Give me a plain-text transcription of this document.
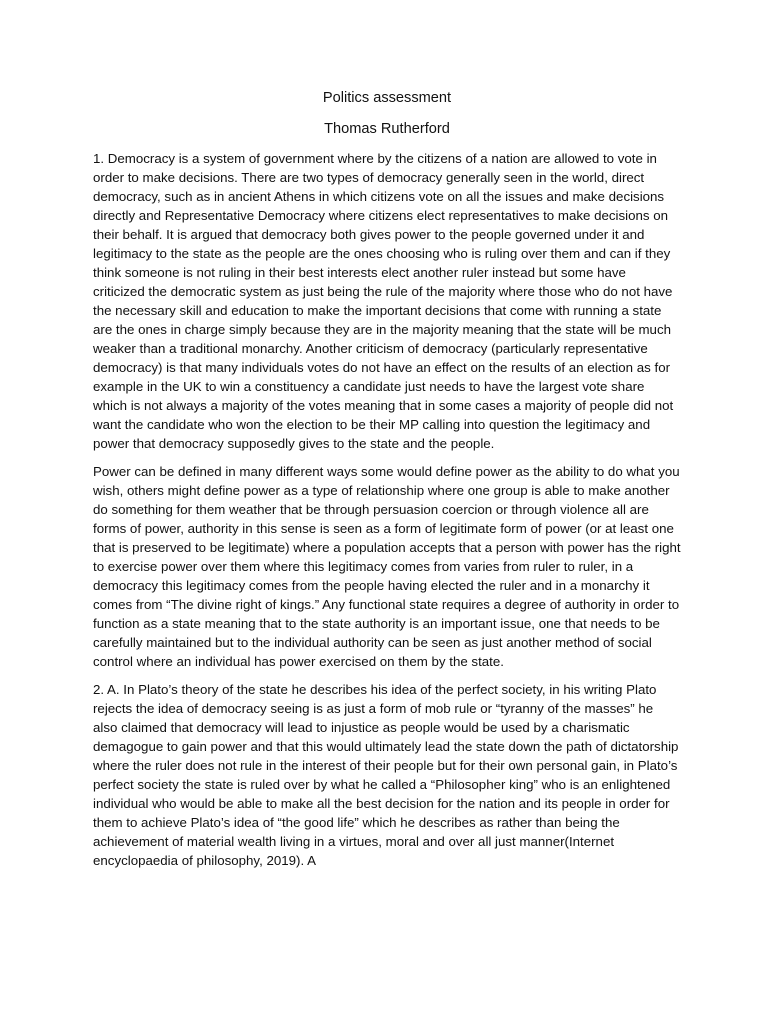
Politics assessment

Thomas Rutherford

1. Democracy is a system of government where by the citizens of a nation are allowed to vote in order to make decisions. There are two types of democracy generally seen in the world, direct democracy, such as in ancient Athens in which citizens vote on all the issues and make decisions directly and Representative Democracy where citizens elect representatives to make decisions on their behalf. It is argued that democracy both gives power to the people governed under it and legitimacy to the state as the people are the ones choosing who is ruling over them and can if they think someone is not ruling in their best interests elect another ruler instead but some have criticized the democratic system as just being the rule of the majority where those who do not have the necessary skill and education to make the important decisions that come with running a state are the ones in charge simply because they are in the majority meaning that the state will be much weaker than a traditional monarchy. Another criticism of democracy (particularly representative democracy) is that many individuals votes do not have an effect on the results of an election as for example in the UK to win a constituency a candidate just needs to have the largest vote share which is not always a majority of the votes meaning that in some cases a majority of people did not want the candidate who won the election to be their MP calling into question the legitimacy and power that democracy supposedly gives to the state and the people.

Power can be defined in many different ways some would define power as the ability to do what you wish, others might define power as a type of relationship where one group is able to make another do something for them weather that be through persuasion coercion or through violence all are forms of power, authority in this sense is seen as a form of legitimate form of power (or at least one that is preserved to be legitimate) where a population accepts that a person with power has the right to exercise power over them where this legitimacy comes from varies from ruler to ruler, in a democracy this legitimacy comes from the people having elected the ruler and in a monarchy it comes from “The divine right of kings.” Any functional state requires a degree of authority in order to function as a state meaning that to the state authority is an important issue, one that needs to be carefully maintained but to the individual authority can be seen as just another method of social control where an individual has power exercised on them by the state.

2. A. In Plato’s theory of the state he describes his idea of the perfect society, in his writing Plato rejects the idea of democracy seeing is as just a form of mob rule or “tyranny of the masses” he also claimed that democracy will lead to injustice as people would be used by a charismatic demagogue to gain power and that this would ultimately lead the state down the path of dictatorship where the ruler does not rule in the interest of their people but for their own personal gain, in Plato’s perfect society the state is ruled over by what he called a “Philosopher king” who is an enlightened individual who would be able to make all the best decision for the nation and its people in order for them to achieve Plato’s idea of “the good life” which he describes as rather than being the achievement of material wealth living in a virtues, moral and over all just manner(Internet encyclopaedia of philosophy, 2019). A
